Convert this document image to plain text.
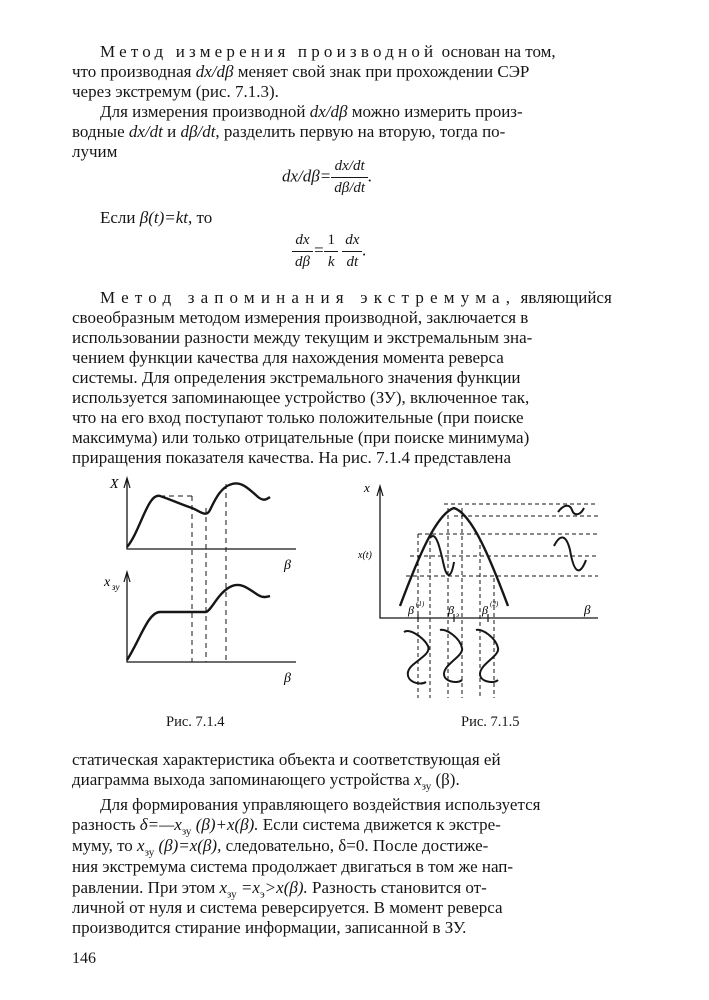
Метод измерения производной основан на том,
что производная dx/dβ меняет свой знак при прохождении СЭР
через экстремум (рис. 7.1.3).
Для измерения производной dx/dβ можно измерить произ-
водные dx/dt и dβ/dt, разделить первую на вторую, тогда по-
лучим
$dx/d\beta= \frac{dx/dt}{d\beta/dt}$ .
Если β(t)=kt, то
$\frac{dx}{d\beta} = \frac{1}{k}$
$\frac{dx}{dt}$ .
Метод запоминания экстремума, являющийся
своеобразным методом измерения производной, заключается в
использовании разности между текущим и экстремальным зна-
чением функции качества для нахождения момента реверса
системы. Для определения экстремального значения функции
используется запоминающее устройство (ЗУ), включенное так,
что на его вход поступают только положительные (при поиске
максимума) или только отрицательные (при поиске минимума)
приращения показателя качества. На рис. 7.1.4 представлена
X
β
x зу
β
Рис. 7.1.4
x
x(t)
β
β (1) β э β (2)
Рис. 7.1.5
статическая характеристика объекта и соответствующая ей
диаграмма выхода запоминающего устройства $x_{зу}$ (β).
Для формирования управляющего воздействия используется
разность $\delta=—x_{зу}$ (β)+x(β). Если система движется к экстре-
муму, то $x_{зу}$ (β)=x(β), следовательно, δ=0. После достиже-
ния экстремума система продолжает двигаться в том же нап-
равлении. При этом $x_{зу} =x_э>x(\beta)$. Разность становится от-
личной от нуля и система реверсируется. В момент реверса
производится стирание информации, записанной в ЗУ.
146
